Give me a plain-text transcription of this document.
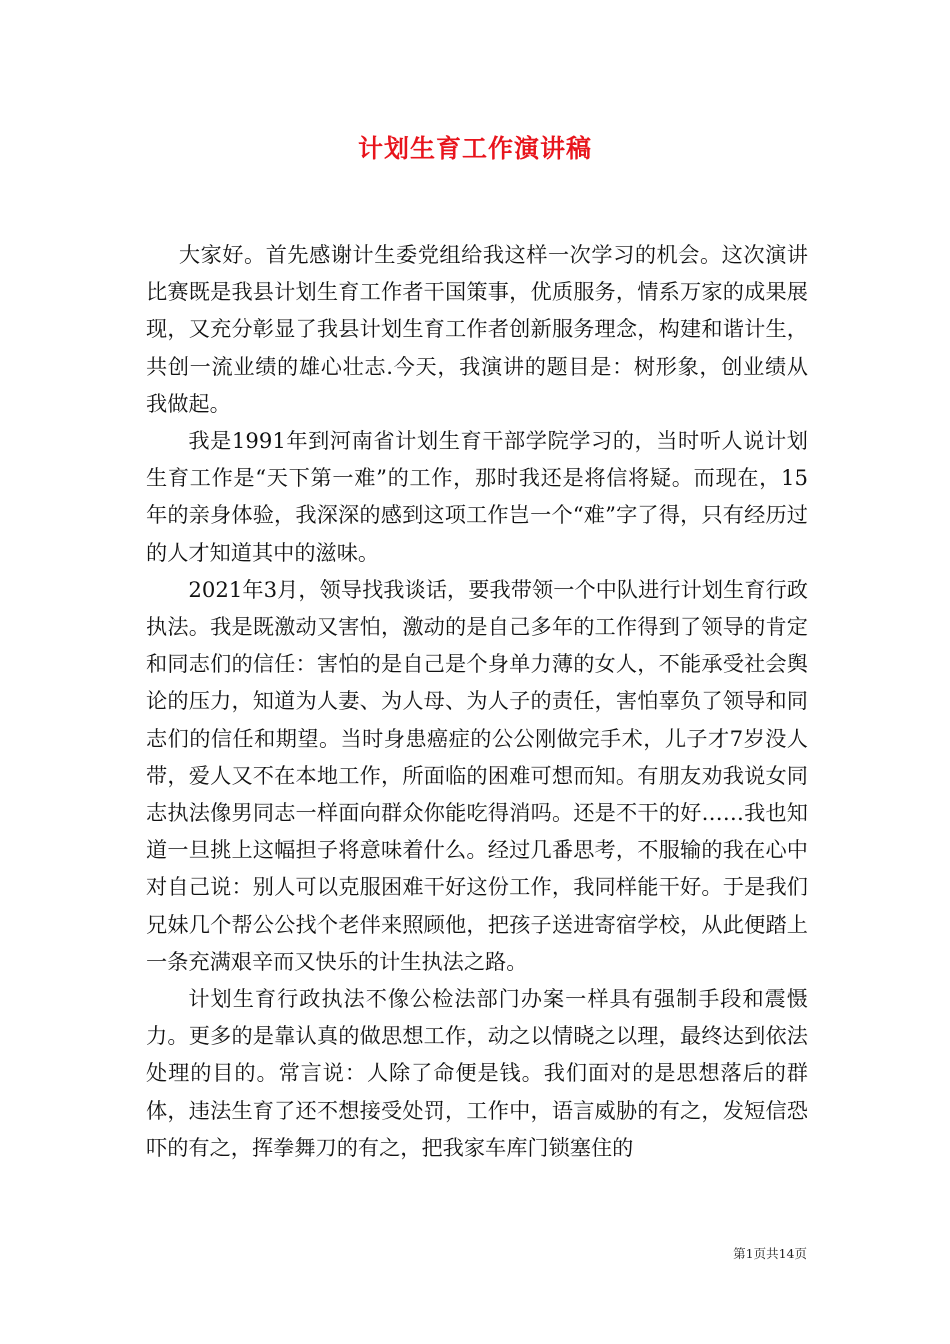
计划生育工作演讲稿

大家好。首先感谢计生委党组给我这样一次学习的机会。这次演讲比赛既是我县计划生育工作者干国策事，优质服务，情系万家的成果展现，又充分彰显了我县计划生育工作者创新服务理念，构建和谐计生，共创一流业绩的雄心壮志.今天，我演讲的题目是：树形象，创业绩从我做起。

我是1991年到河南省计划生育干部学院学习的，当时听人说计划生育工作是“天下第一难”的工作，那时我还是将信将疑。而现在，15年的亲身体验，我深深的感到这项工作岂一个“难”字了得，只有经历过的人才知道其中的滋味。

2021年3月，领导找我谈话，要我带领一个中队进行计划生育行政执法。我是既激动又害怕，激动的是自己多年的工作得到了领导的肯定和同志们的信任：害怕的是自己是个身单力薄的女人，不能承受社会舆论的压力，知道为人妻、为人母、为人子的责任，害怕辜负了领导和同志们的信任和期望。当时身患癌症的公公刚做完手术，儿子才7岁没人带，爱人又不在本地工作，所面临的困难可想而知。有朋友劝我说女同志执法像男同志一样面向群众你能吃得消吗。还是不干的好……我也知道一旦挑上这幅担子将意味着什么。经过几番思考，不服输的我在心中对自己说：别人可以克服困难干好这份工作，我同样能干好。于是我们兄妹几个帮公公找个老伴来照顾他，把孩子送进寄宿学校，从此便踏上一条充满艰辛而又快乐的计生执法之路。

计划生育行政执法不像公检法部门办案一样具有强制手段和震慑力。更多的是靠认真的做思想工作，动之以情晓之以理，最终达到依法处理的目的。常言说：人除了命便是钱。我们面对的是思想落后的群体，违法生育了还不想接受处罚，工作中，语言威胁的有之，发短信恐吓的有之，挥拳舞刀的有之，把我家车库门锁塞住的

第1页共14页
